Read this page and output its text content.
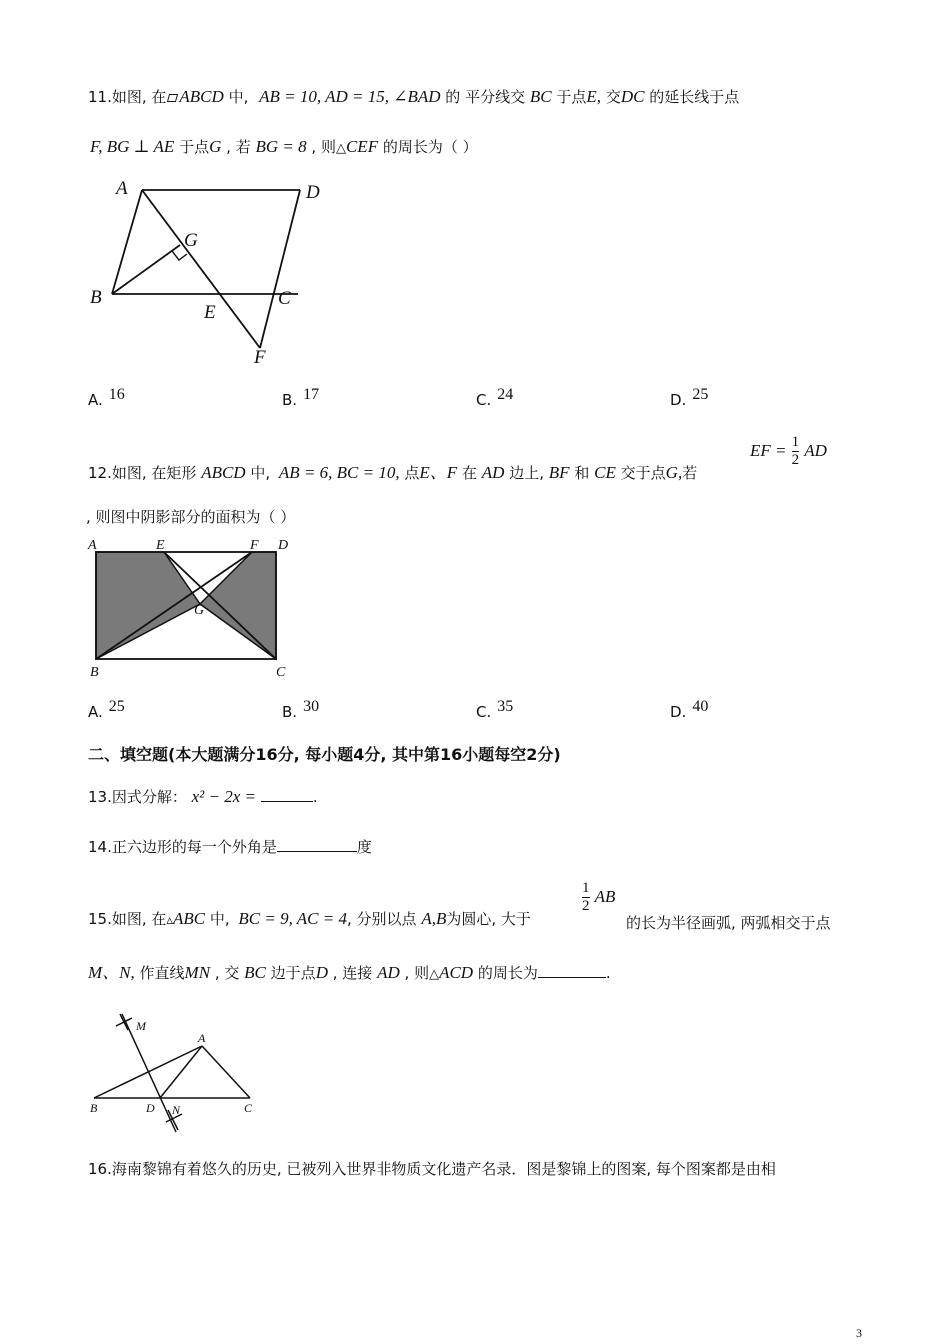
11.如图, 在 ABCD 中, AB = 10, AD = 15, ∠BAD 的 平分线交 BC 于点E, 交DC 的延长线于点
F, BG ⊥ AE 于点G , 若 BG = 8 , 则△CEF 的周长为（ ）
A	D
G
B	C
E
F
A. 16	B. 17	C. 24	D. 25
12.如图, 在矩形 ABCD 中, AB = 6, BC = 10, 点E、F 在 AD 边上, BF 和 CE 交于点G,若
EF = $\frac{1}{2}$ AD
, 则图中阴影部分的面积为（ ）
A	E	F D
G
B	C
A. 25	B. 30	C. 35	D. 40
二、填空题(本大题满分16分, 每小题4分, 其中第16小题每空2分)
13.因式分解： x² − 2x =	.
14.正六边形的每一个外角是	度
15.如图, 在▵ABC 中, BC = 9, AC = 4, 分别以点 A,B为圆心, 大于
$\frac{1}{2}$ AB
的长为半径画弧, 两弧相交于点
M、N, 作直线MN , 交 BC 边于点D , 连接 AD , 则△ACD 的周长为	.
M
A
B	D N	C
16.海南黎锦有着悠久的历史, 已被列入世界非物质文化遗产名录．图是黎锦上的图案, 每个图案都是由相
3
